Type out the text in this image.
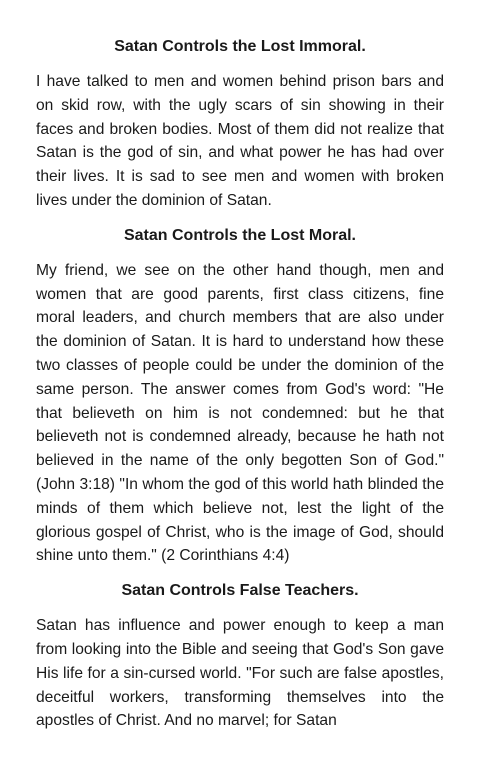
Satan Controls the Lost Immoral.

I have talked to men and women behind prison bars and on skid row, with the ugly scars of sin showing in their faces and broken bodies. Most of them did not realize that Satan is the god of sin, and what power he has had over their lives. It is sad to see men and women with broken lives under the dominion of Satan.

Satan Controls the Lost Moral.

My friend, we see on the other hand though, men and women that are good parents, first class citizens, fine moral leaders, and church members that are also under the dominion of Satan. It is hard to understand how these two classes of people could be under the dominion of the same person. The answer comes from God's word: "He that believeth on him is not condemned: but he that believeth not is condemned already, because he hath not believed in the name of the only begotten Son of God." (John 3:18) "In whom the god of this world hath blinded the minds of them which believe not, lest the light of the glorious gospel of Christ, who is the image of God, should shine unto them." (2 Corinthians 4:4)

Satan Controls False Teachers.

Satan has influence and power enough to keep a man from looking into the Bible and seeing that God's Son gave His life for a sin-cursed world. "For such are false apostles, deceitful workers, transforming themselves into the apostles of Christ. And no marvel; for Satan
